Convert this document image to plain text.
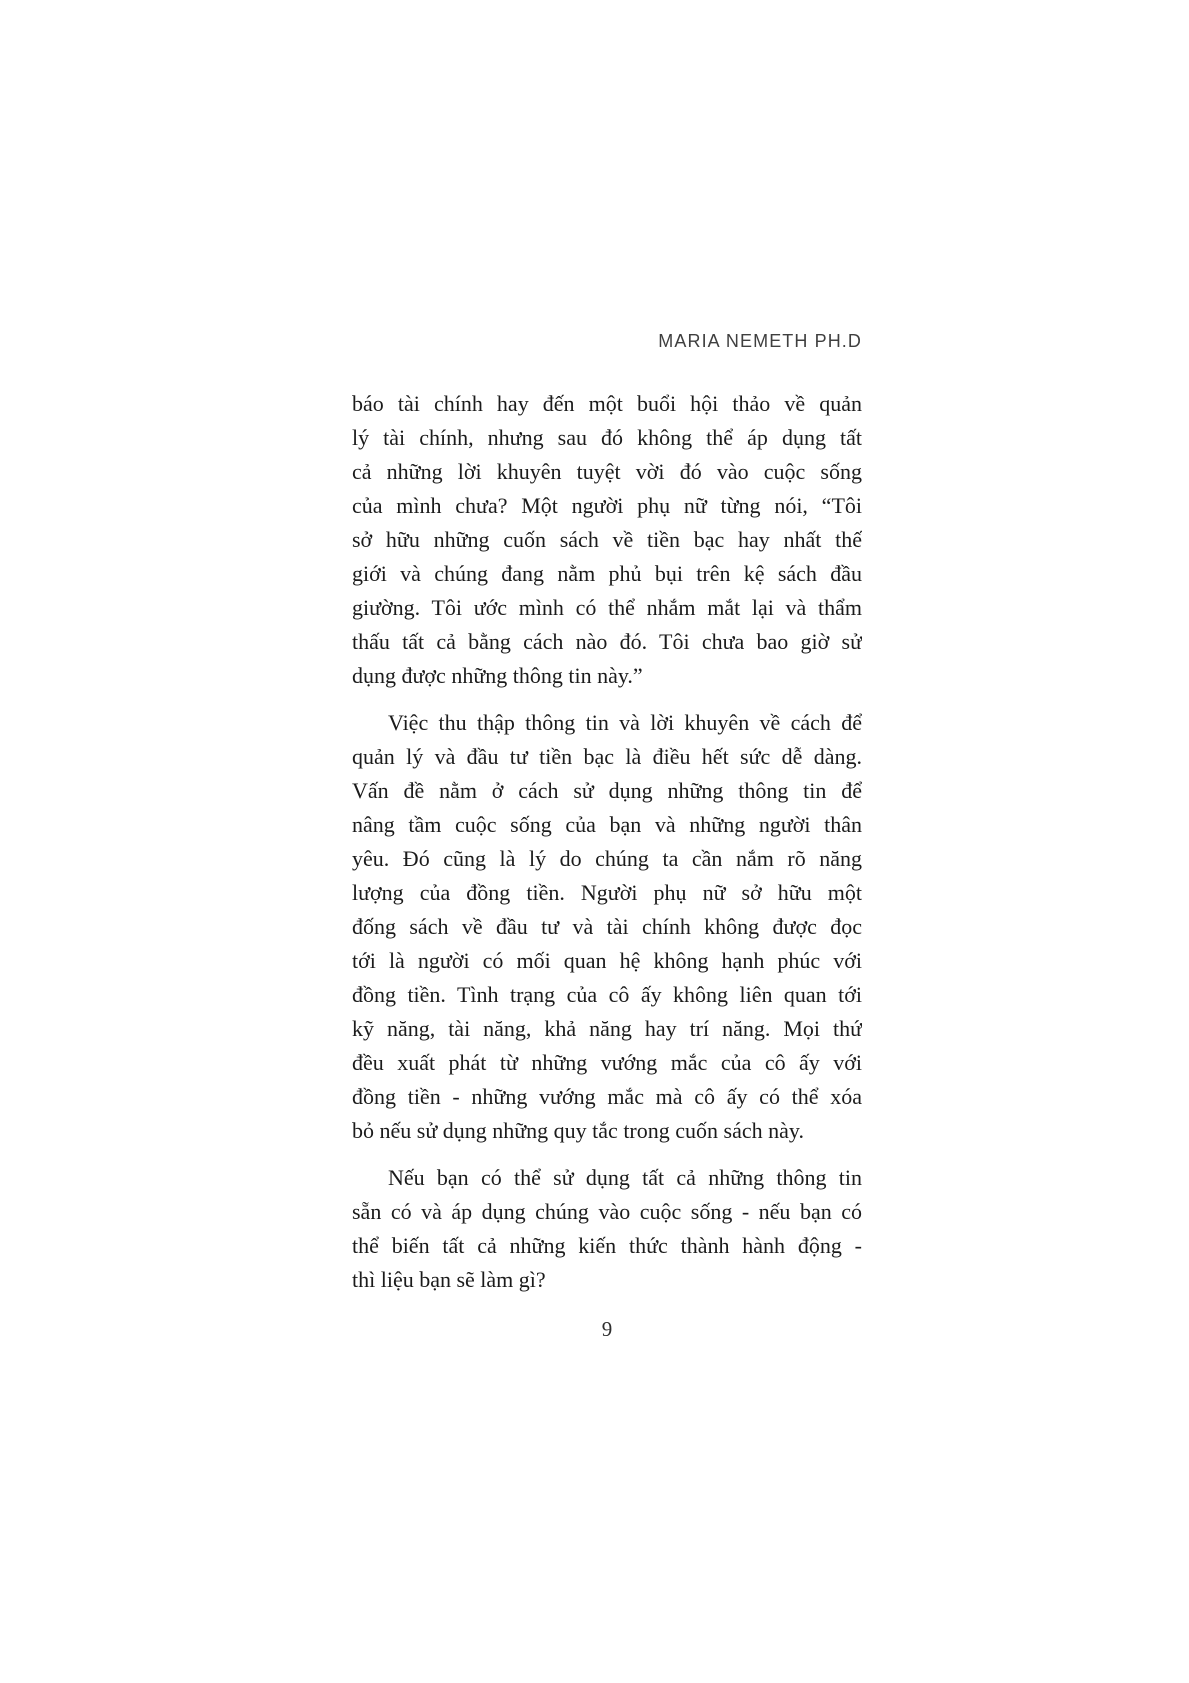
MARIA NEMETH PH.D
báo tài chính hay đến một buổi hội thảo về quản
lý tài chính, nhưng sau đó không thể áp dụng tất
cả những lời khuyên tuyệt vời đó vào cuộc sống
của mình chưa? Một người phụ nữ từng nói, “Tôi
sở hữu những cuốn sách về tiền bạc hay nhất thế
giới và chúng đang nằm phủ bụi trên kệ sách đầu
giường. Tôi ước mình có thể nhắm mắt lại và thẩm
thấu tất cả bằng cách nào đó. Tôi chưa bao giờ sử
dụng được những thông tin này.”
Việc thu thập thông tin và lời khuyên về cách để
quản lý và đầu tư tiền bạc là điều hết sức dễ dàng.
Vấn đề nằm ở cách sử dụng những thông tin để
nâng tầm cuộc sống của bạn và những người thân
yêu. Đó cũng là lý do chúng ta cần nắm rõ năng
lượng của đồng tiền. Người phụ nữ sở hữu một
đống sách về đầu tư và tài chính không được đọc
tới là người có mối quan hệ không hạnh phúc với
đồng tiền. Tình trạng của cô ấy không liên quan tới
kỹ năng, tài năng, khả năng hay trí năng. Mọi thứ
đều xuất phát từ những vướng mắc của cô ấy với
đồng tiền - những vướng mắc mà cô ấy có thể xóa
bỏ nếu sử dụng những quy tắc trong cuốn sách này.
Nếu bạn có thể sử dụng tất cả những thông tin
sẵn có và áp dụng chúng vào cuộc sống - nếu bạn có
thể biến tất cả những kiến thức thành hành động -
thì liệu bạn sẽ làm gì?
9
